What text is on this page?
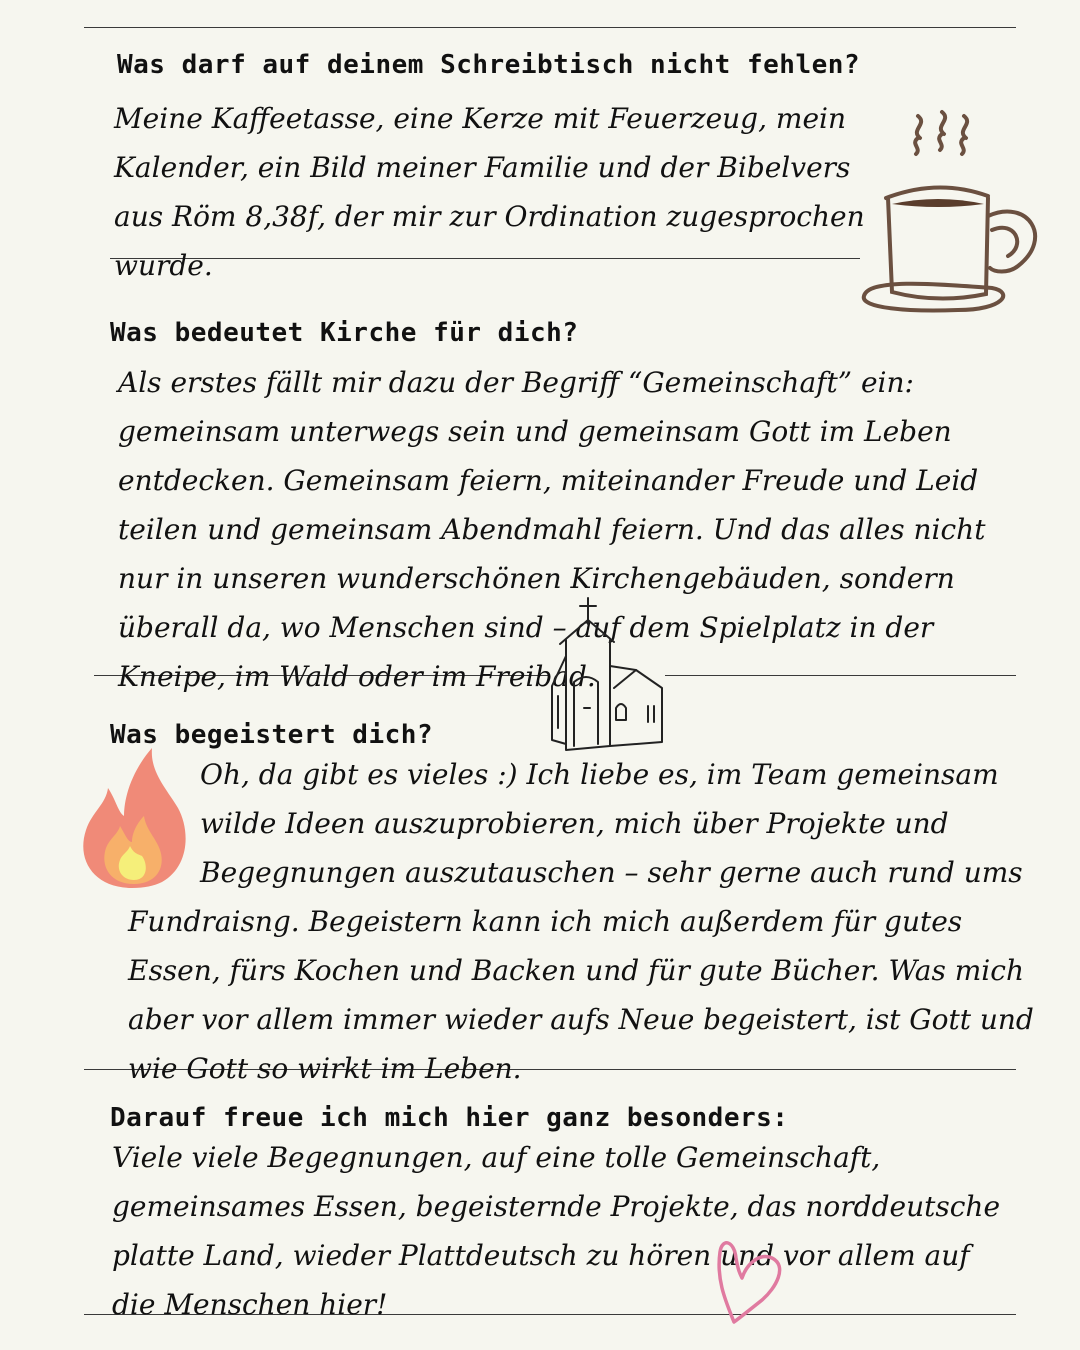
Was darf auf deinem Schreibtisch nicht fehlen?

Meine Kaffeetasse, eine Kerze mit Feuerzeug, mein Kalender, ein Bild meiner Familie und der Bibelvers aus Röm 8,38f, der mir zur Ordination zugesprochen wurde.

Was bedeutet Kirche für dich?

Als erstes fällt mir dazu der Begriff “Gemeinschaft” ein: gemeinsam unterwegs sein und gemeinsam Gott im Leben entdecken. Gemeinsam feiern, miteinander Freude und Leid teilen und gemeinsam Abendmahl feiern. Und das alles nicht nur in unseren wunderschönen Kirchengebäuden, sondern überall da, wo Menschen sind – auf dem Spielplatz in der Kneipe, im Wald oder im Freibad.

Was begeistert dich?

Oh, da gibt es vieles :) Ich liebe es, im Team gemeinsam wilde Ideen auszuprobieren, mich über Projekte und Begegnungen auszutauschen – sehr gerne auch rund ums Fundraisng. Begeistern kann ich mich außerdem für gutes Essen, fürs Kochen und Backen und für gute Bücher. Was mich aber vor allem immer wieder aufs Neue begeistert, ist Gott und wie Gott so wirkt im Leben.

Darauf freue ich mich hier ganz besonders:

Viele viele Begegnungen, auf eine tolle Gemeinschaft, gemeinsames Essen, begeisternde Projekte, das norddeutsche platte Land, wieder Plattdeutsch zu hören und vor allem auf die Menschen hier!
